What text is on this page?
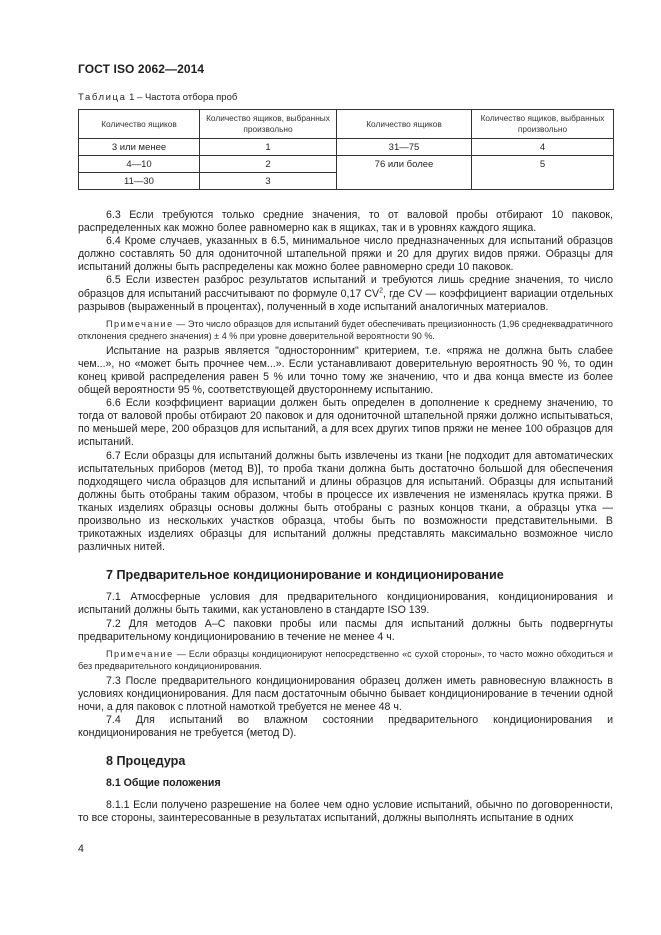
ГОСТ ISO 2062—2014
Таблица 1 – Частота отбора проб
Количество ящиков	Количество ящиков, выбранных произвольно	Количество ящиков	Количество ящиков, выбранных произвольно
3 или менее	1	31—75	4
4—10	2	76 или более	5
11—30	3		

6.3 Если требуются только средние значения, то от валовой пробы отбирают 10 паковок, распределенных как можно более равномерно как в ящиках, так и в уровнях каждого ящика.

6.4 Кроме случаев, указанных в 6.5, минимальное число предназначенных для испытаний образцов должно составлять 50 для одониточной штапельной пряжи и 20 для других видов пряжи. Образцы для испытаний должны быть распределены как можно более равномерно среди 10 паковок.

6.5 Если известен разброс результатов испытаний и требуются лишь средние значения, то число образцов для испытаний рассчитывают по формуле 0,17 $CV^2$, где CV — коэффициент вариации отдельных разрывов (выраженный в процентах), полученный в ходе испытаний аналогичных материалов.

Примечание — Это число образцов для испытаний будет обеспечивать прецизионность (1,96 среднеквадратичного отклонения среднего значения) ± 4 % при уровне доверительной вероятности 90 %.

Испытание на разрыв является "односторонним" критерием, т.е. «пряжа не должна быть слабее чем...», но «может быть прочнее чем...». Если устанавливают доверительную вероятность 90 %, то один конец кривой распределения равен 5 % или точно тому же значению, что и два конца вместе из более общей вероятности 95 %, соответствующей двустороннему испытанию.

6.6 Если коэффициент вариации должен быть определен в дополнение к среднему значению, то тогда от валовой пробы отбирают 20 паковок и для одониточной штапельной пряжи должно испытываться, по меньшей мере, 200 образцов для испытаний, а для всех других типов пряжи не менее 100 образцов для испытаний.

6.7 Если образцы для испытаний должны быть извлечены из ткани [не подходит для автоматических испытательных приборов (метод B)], то проба ткани должна быть достаточно большой для обеспечения подходящего числа образцов для испытаний и длины образцов для испытаний. Образцы для испытаний должны быть отобраны таким образом, чтобы в процессе их извлечения не изменялась крутка пряжи. В тканых изделиях образцы основы должны быть отобраны с разных концов ткани, а образцы утка — произвольно из нескольких участков образца, чтобы быть по возможности представительными. В трикотажных изделиях образцы для испытаний должны представлять максимально возможное число различных нитей.

7 Предварительное кондиционирование и кондиционирование

7.1 Атмосферные условия для предварительного кондиционирования, кондиционирования и испытаний должны быть такими, как установлено в стандарте ISO 139.

7.2 Для методов А–С паковки пробы или пасмы для испытаний должны быть подвергнуты предварительному кондиционированию в течение не менее 4 ч.

Примечание — Если образцы кондиционируют непосредственно «с сухой стороны», то часто можно обходиться и без предварительного кондиционирования.

7.3 После предварительного кондиционирования образец должен иметь равновесную влажность в условиях кондиционирования. Для пасм достаточным обычно бывает кондиционирование в течении одной ночи, а для паковок с плотной намоткой требуется не менее 48 ч.

7.4 Для испытаний во влажном состоянии предварительного кондиционирования и кондиционирования не требуется (метод D).

8 Процедура
8.1 Общие положения

8.1.1 Если получено разрешение на более чем одно условие испытаний, обычно по договоренности, то все стороны, заинтересованные в результатах испытаний, должны выполнять испытание в одних

4
